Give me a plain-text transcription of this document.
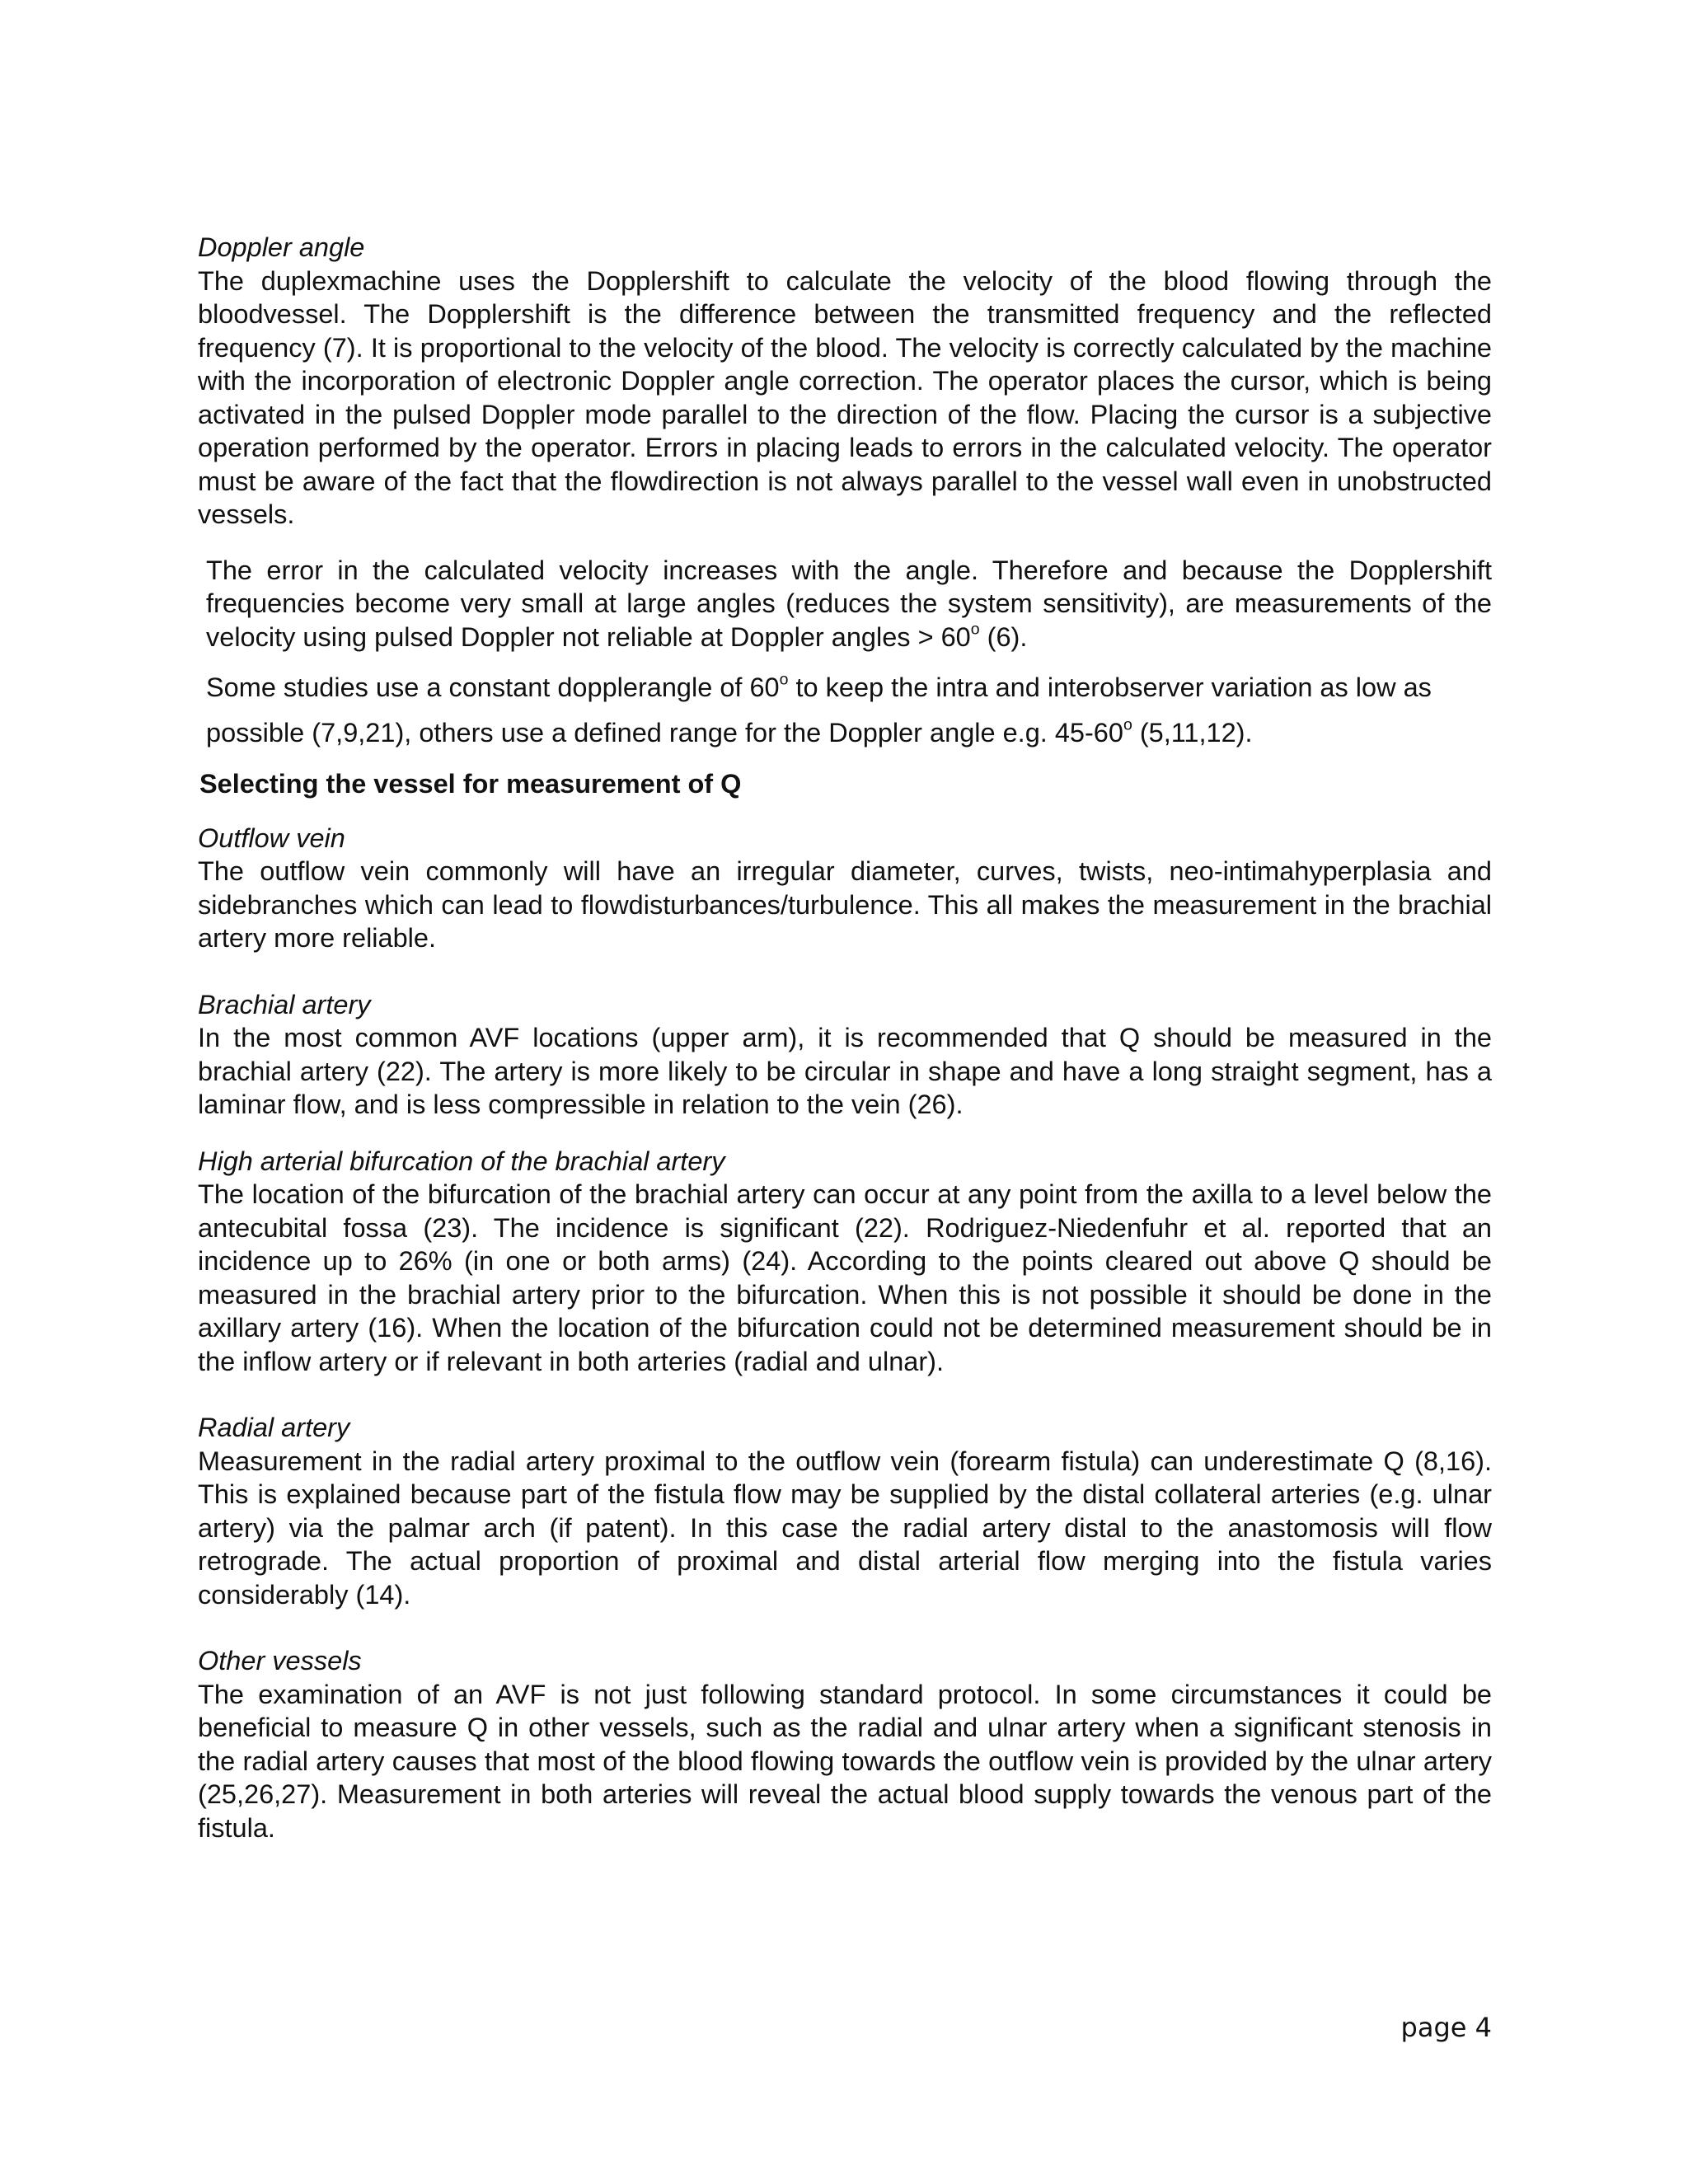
Doppler angle

The duplexmachine uses the Dopplershift to calculate the velocity of the blood flowing through the bloodvessel. The Dopplershift is the difference between the transmitted frequency and the reflected frequency (7). It is proportional to the velocity of the blood. The velocity is correctly calculated by the machine with the incorporation of electronic Doppler angle correction. The operator places the cursor, which is being activated in the pulsed Doppler mode parallel to the direction of the flow. Placing the cursor is a subjective operation performed by the operator. Errors in placing leads to errors in the calculated velocity. The operator must be aware of the fact that the flowdirection is not always parallel to the vessel wall even in unobstructed vessels.

The error in the calculated velocity increases with the angle. Therefore and because the Dopplershift frequencies become very small at large angles (reduces the system sensitivity), are measurements of the velocity using pulsed Doppler not reliable at Doppler angles > $60^o$ (6).

Some studies use a constant dopplerangle of 60$^o$ to keep the intra and interobserver variation as low as possible (7,9,21), others use a defined range for the Doppler angle e.g. 45-60$^o$ (5,11,12).

Selecting the vessel for measurement of Q

Outflow vein

The outflow vein commonly will have an irregular diameter, curves, twists, neo-intimahyperplasia and sidebranches which can lead to flowdisturbances/turbulence. This all makes the measurement in the brachial artery more reliable.

Brachial artery

In the most common AVF locations (upper arm), it is recommended that Q should be measured in the brachial artery (22). The artery is more likely to be circular in shape and have a long straight segment, has a laminar flow, and is less compressible in relation to the vein (26).

High arterial bifurcation of the brachial artery

The location of the bifurcation of the brachial artery can occur at any point from the axilla to a level below the antecubital fossa (23). The incidence is significant (22). Rodriguez-Niedenfuhr et al. reported that an incidence up to 26% (in one or both arms) (24). According to the points cleared out above Q should be measured in the brachial artery prior to the bifurcation. When this is not possible it should be done in the axillary artery (16). When the location of the bifurcation could not be determined measurement should be in the inflow artery or if relevant in both arteries (radial and ulnar).

Radial artery

Measurement in the radial artery proximal to the outflow vein (forearm fistula) can underestimate Q (8,16). This is explained because part of the fistula flow may be supplied by the distal collateral arteries (e.g. ulnar artery) via the palmar arch (if patent). In this case the radial artery distal to the anastomosis wilI flow retrograde. The actual proportion of proximal and distal arterial flow merging into the fistula varies considerably (14).

Other vessels

The examination of an AVF is not just following standard protocol. In some circumstances it could be beneficial to measure Q in other vessels, such as the radial and ulnar artery when a significant stenosis in the radial artery causes that most of the blood flowing towards the outflow vein is provided by the ulnar artery (25,26,27). Measurement in both arteries will reveal the actual blood supply towards the venous part of the fistula.

page 4
